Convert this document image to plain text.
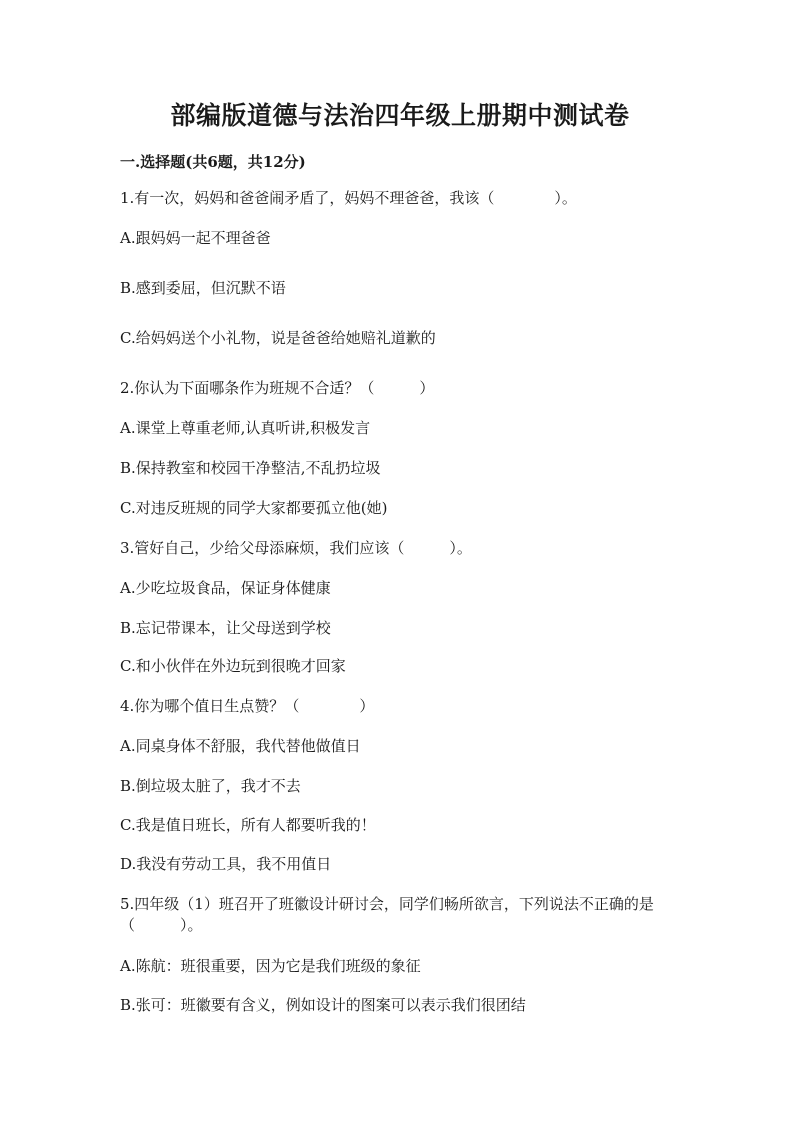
部编版道德与法治四年级上册期中测试卷
一.选择题(共6题，共12分)
1.有一次，妈妈和爸爸闹矛盾了，妈妈不理爸爸，我该（　　　　）。
A.跟妈妈一起不理爸爸
B.感到委屈，但沉默不语
C.给妈妈送个小礼物，说是爸爸给她赔礼道歉的
2.你认为下面哪条作为班规不合适？（　　　）
A.课堂上尊重老师,认真听讲,积极发言
B.保持教室和校园干净整洁,不乱扔垃圾
C.对违反班规的同学大家都要孤立他(她)
3.管好自己，少给父母添麻烦，我们应该（　　　）。
A.少吃垃圾食品，保证身体健康
B.忘记带课本，让父母送到学校
C.和小伙伴在外边玩到很晚才回家
4.你为哪个值日生点赞？（　　　　）
A.同桌身体不舒服，我代替他做值日
B.倒垃圾太脏了，我才不去
C.我是值日班长，所有人都要听我的！
D.我没有劳动工具，我不用值日
5.四年级（1）班召开了班徽设计研讨会，同学们畅所欲言，下列说法不正确的是（　　　）。
A.陈航：班很重要，因为它是我们班级的象征
B.张可：班徽要有含义，例如设计的图案可以表示我们很团结
